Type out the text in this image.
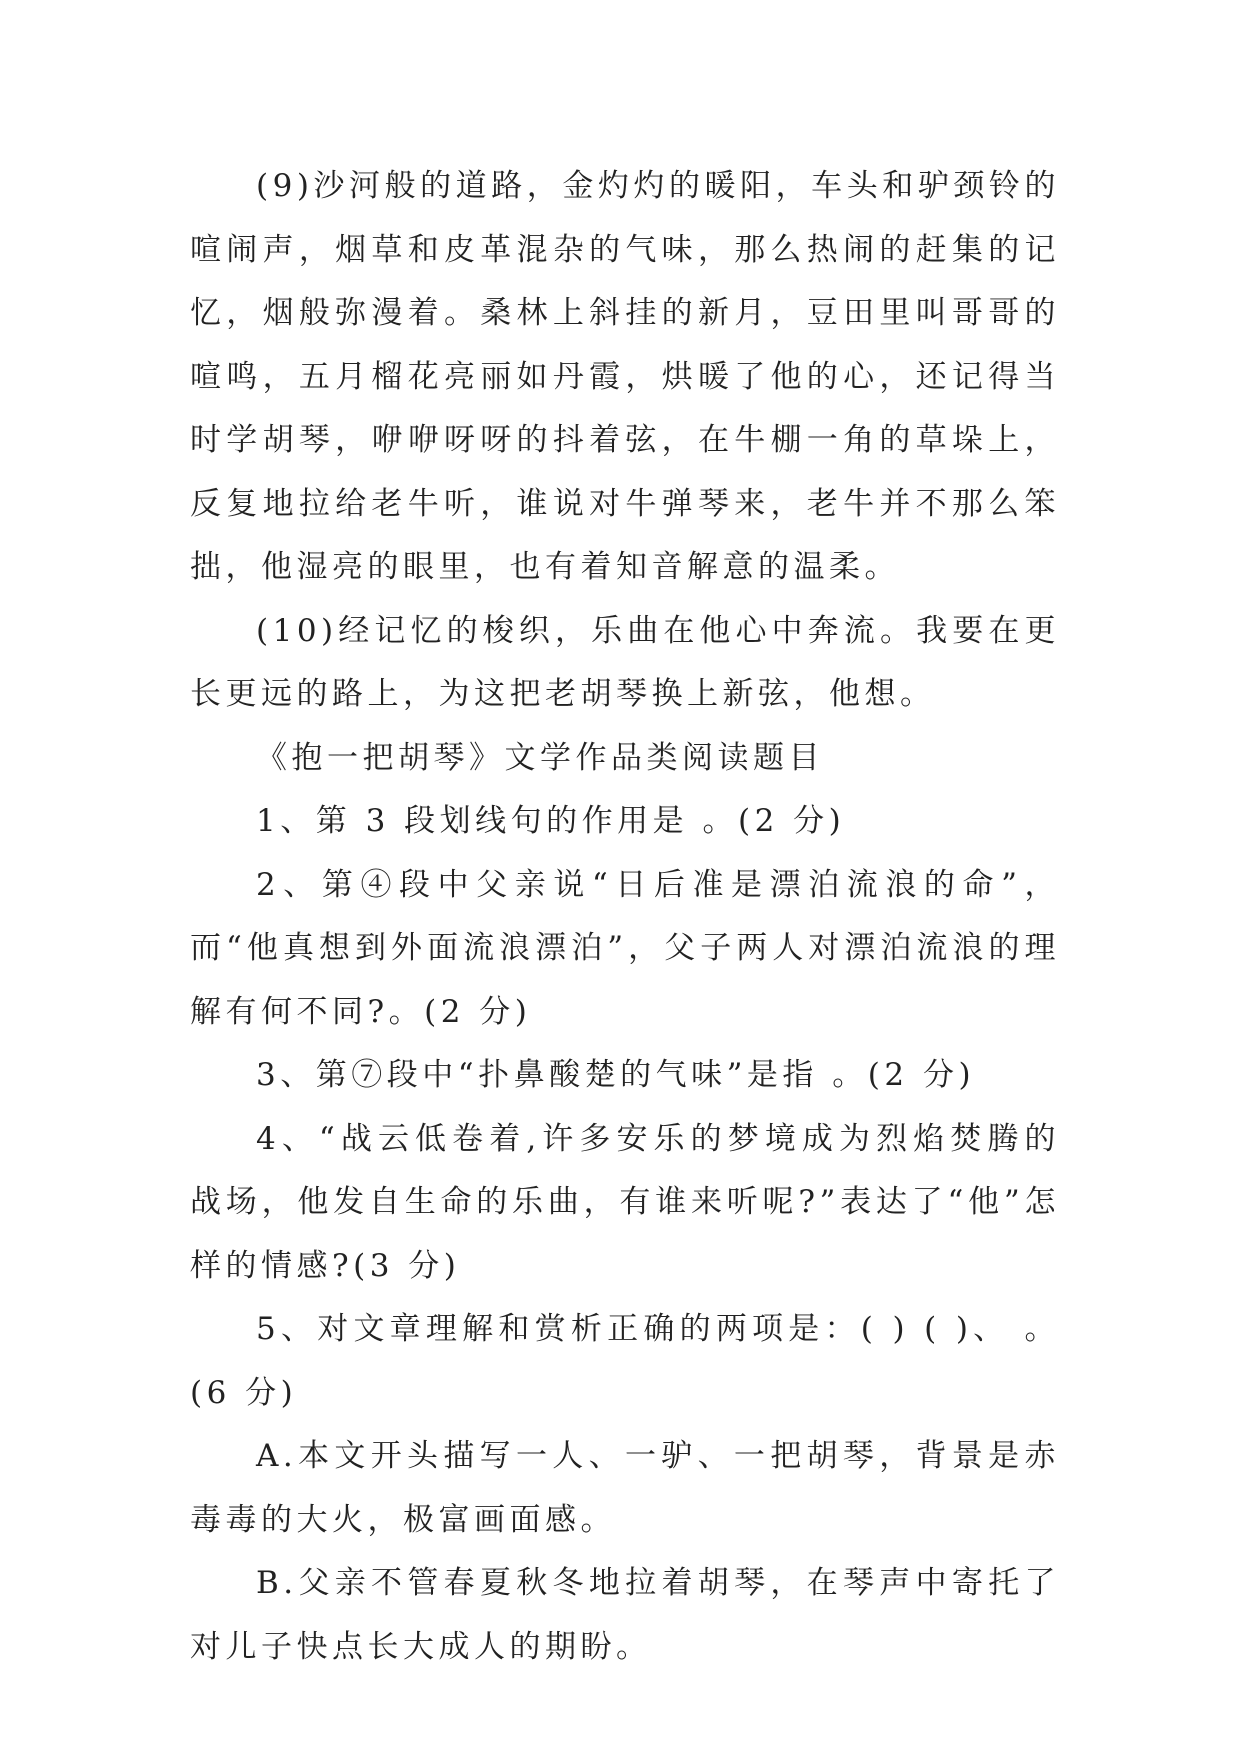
(9)沙河般的道路，金灼灼的暖阳，车头和驴颈铃的喧闹声，烟草和皮革混杂的气味，那么热闹的赶集的记忆，烟般弥漫着。桑林上斜挂的新月，豆田里叫哥哥的喧鸣，五月榴花亮丽如丹霞，烘暖了他的心，还记得当时学胡琴，咿咿呀呀的抖着弦，在牛棚一角的草垛上，反复地拉给老牛听，谁说对牛弹琴来，老牛并不那么笨拙，他湿亮的眼里，也有着知音解意的温柔。

(10)经记忆的梭织，乐曲在他心中奔流。我要在更长更远的路上，为这把老胡琴换上新弦，他想。

《抱一把胡琴》文学作品类阅读题目

1、第 3 段划线句的作用是 。(2 分)

2、第④段中父亲说“日后准是漂泊流浪的命”，而“他真想到外面流浪漂泊”，父子两人对漂泊流浪的理解有何不同?。(2 分)

3、第⑦段中“扑鼻酸楚的气味”是指 。(2 分)

4、“战云低卷着,许多安乐的梦境成为烈焰焚腾的战场，他发自生命的乐曲，有谁来听呢?”表达了“他”怎样的情感?(3 分)

5、对文章理解和赏析正确的两项是：( ) ( )、 。(6 分)

A.本文开头描写一人、一驴、一把胡琴，背景是赤毒毒的大火，极富画面感。

B.父亲不管春夏秋冬地拉着胡琴，在琴声中寄托了对儿子快点长大成人的期盼。
